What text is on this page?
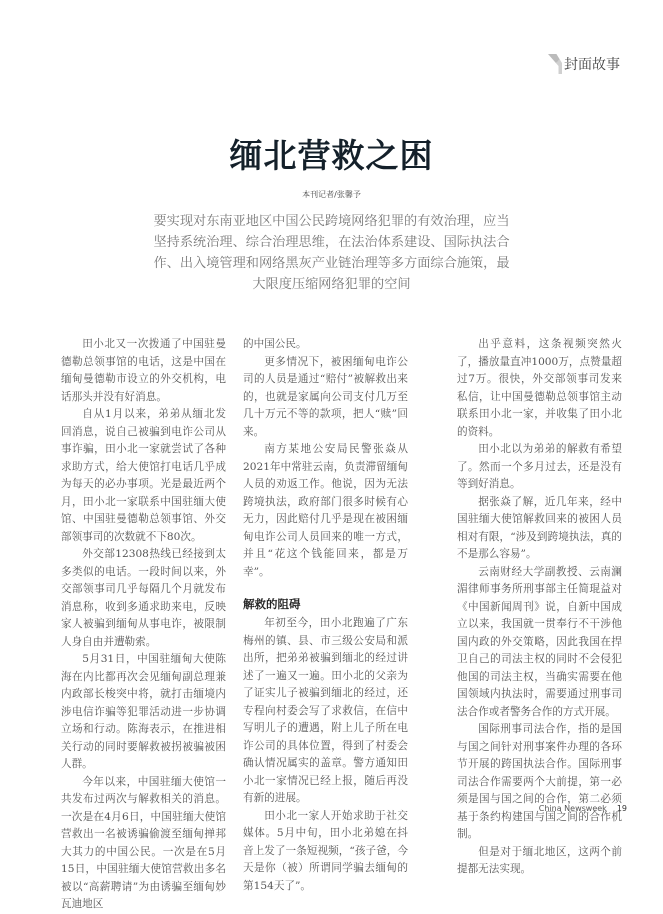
封面故事
缅北营救之困
本刊记者/张馨予
要实现对东南亚地区中国公民跨境网络犯罪的有效治理，应当坚持系统治理、综合治理思维，在法治体系建设、国际执法合作、出入境管理和网络黑灰产业链治理等多方面综合施策，最大限度压缩网络犯罪的空间

田小北又一次拨通了中国驻曼德勒总领事馆的电话，这是中国在缅甸曼德勒市设立的外交机构，电话那头并没有好消息。

自从1月以来，弟弟从缅北发回消息，说自己被骗到电诈公司从事诈骗，田小北一家就尝试了各种求助方式，给大使馆打电话几乎成为每天的必办事项。光是最近两个月，田小北一家联系中国驻缅大使馆、中国驻曼德勒总领事馆、外交部领事司的次数就不下80次。

外交部12308热线已经接到太多类似的电话。一段时间以来，外交部领事司几乎每隔几个月就发布消息称，收到多通求助来电，反映家人被骗到缅甸从事电诈，被限制人身自由并遭勒索。

5月31日，中国驻缅甸大使陈海在内比都再次会见缅甸副总理兼内政部长梭突中将，就打击缅境内涉电信诈骗等犯罪活动进一步协调立场和行动。陈海表示，在推进相关行动的同时要解救被拐被骗被困人群。

今年以来，中国驻缅大使馆一共发布过两次与解救相关的消息。一次是在4月6日，中国驻缅大使馆营救出一名被诱骗偷渡至缅甸掸邦大其力的中国公民。一次是在5月15日，中国驻缅大使馆营救出多名被以“高薪聘请”为由诱骗至缅甸妙瓦迪地区

的中国公民。

更多情况下，被困缅甸电诈公司的人员是通过“赔付”被解救出来的，也就是家属向公司支付几万至几十万元不等的款项，把人“赎”回来。

南方某地公安局民警张焱从2021年中常驻云南，负责滞留缅甸人员的劝返工作。他说，因为无法跨境执法，政府部门很多时候有心无力，因此赔付几乎是现在被困缅甸电诈公司人员回来的唯一方式，并且“花这个钱能回来，都是万幸”。

解救的阻碍

年初至今，田小北跑遍了广东梅州的镇、县、市三级公安局和派出所，把弟弟被骗到缅北的经过讲述了一遍又一遍。田小北的父亲为了证实儿子被骗到缅北的经过，还专程向村委会写了求救信，在信中写明儿子的遭遇，附上儿子所在电诈公司的具体位置，得到了村委会确认情况属实的盖章。警方通知田小北一家情况已经上报，随后再没有新的进展。

田小北一家人开始求助于社交媒体。5月中旬，田小北弟媳在抖音上发了一条短视频，“孩子爸，今天是你（被）所谓同学骗去缅甸的第154天了”。

出乎意料，这条视频突然火了，播放量直冲1000万，点赞量超过7万。很快，外交部领事司发来私信，让中国曼德勒总领事馆主动联系田小北一家，并收集了田小北的资料。

田小北以为弟弟的解救有希望了。然而一个多月过去，还是没有等到好消息。

据张焱了解，近几年来，经中国驻缅大使馆解救回来的被困人员相对有限，“涉及到跨境执法，真的不是那么容易”。

云南财经大学副教授、云南澜湄律师事务所刑事部主任简琨益对《中国新闻周刊》说，自新中国成立以来，我国就一贯奉行不干涉他国内政的外交策略，因此我国在捍卫自己的司法主权的同时不会侵犯他国的司法主权，当确实需要在他国领域内执法时，需要通过刑事司法合作或者警务合作的方式开展。

国际刑事司法合作，指的是国与国之间针对刑事案件办理的各环节开展的跨国执法合作。国际刑事司法合作需要两个大前提，第一必须是国与国之间的合作，第二必须基于条约构建国与国之间的合作机制。

但是对于缅北地区，这两个前提都无法实现。

China Newsweek 19
